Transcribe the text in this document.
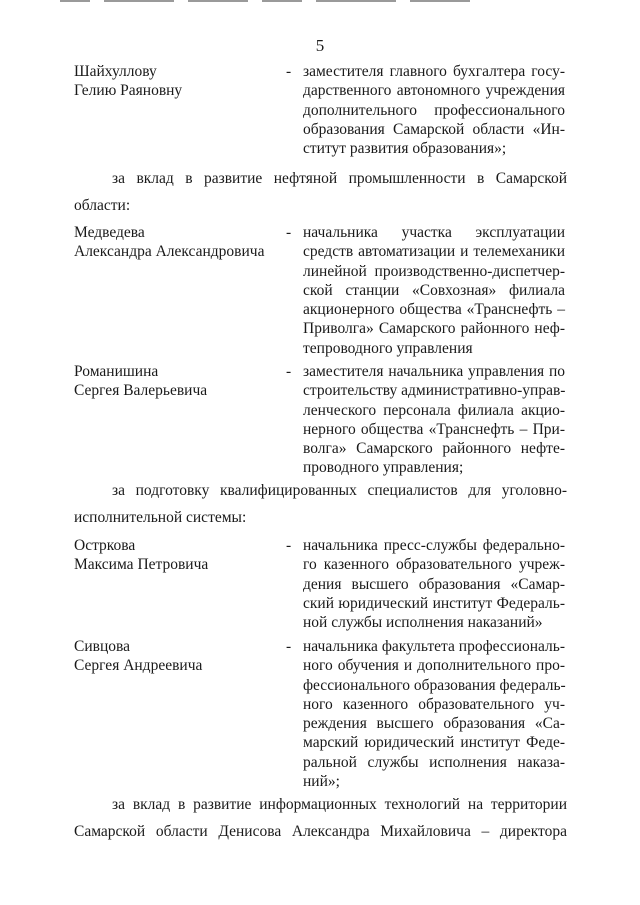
5
Шайхуллову
Гелию Раяновну
- заместителя главного бухгалтера госу-
дарственного автономного учреждения
дополнительного профессионального
образования Самарской области «Ин-
ститут развития образования»;
за вклад в развитие нефтяной промышленности в Самарской
области:
Медведева
Александра Александровича
- начальника участка эксплуатации
средств автоматизации и телемеханики
линейной производственно-диспетчер-
ской станции «Совхозная» филиала
акционерного общества «Транснефть –
Приволга» Самарского районного неф-
тепроводного управления
Романишина
Сергея Валерьевича
- заместителя начальника управления по
строительству административно-управ-
ленческого персонала филиала акцио-
нерного общества «Транснефть – При-
волга» Самарского районного нефте-
проводного управления;
за подготовку квалифицированных специалистов для уголовно-
исполнительной системы:
Остркова
Максима Петровича
- начальника пресс-службы федерально-
го казенного образовательного учреж-
дения высшего образования «Самар-
ский юридический институт Федераль-
ной службы исполнения наказаний»
Сивцова
Сергея Андреевича
- начальника факультета профессиональ-
ного обучения и дополнительного про-
фессионального образования федераль-
ного казенного образовательного уч-
реждения высшего образования «Са-
марский юридический институт Феде-
ральной службы исполнения наказа-
ний»;
за вклад в развитие информационных технологий на территории
Самарской области Денисова Александра Михайловича – директора
